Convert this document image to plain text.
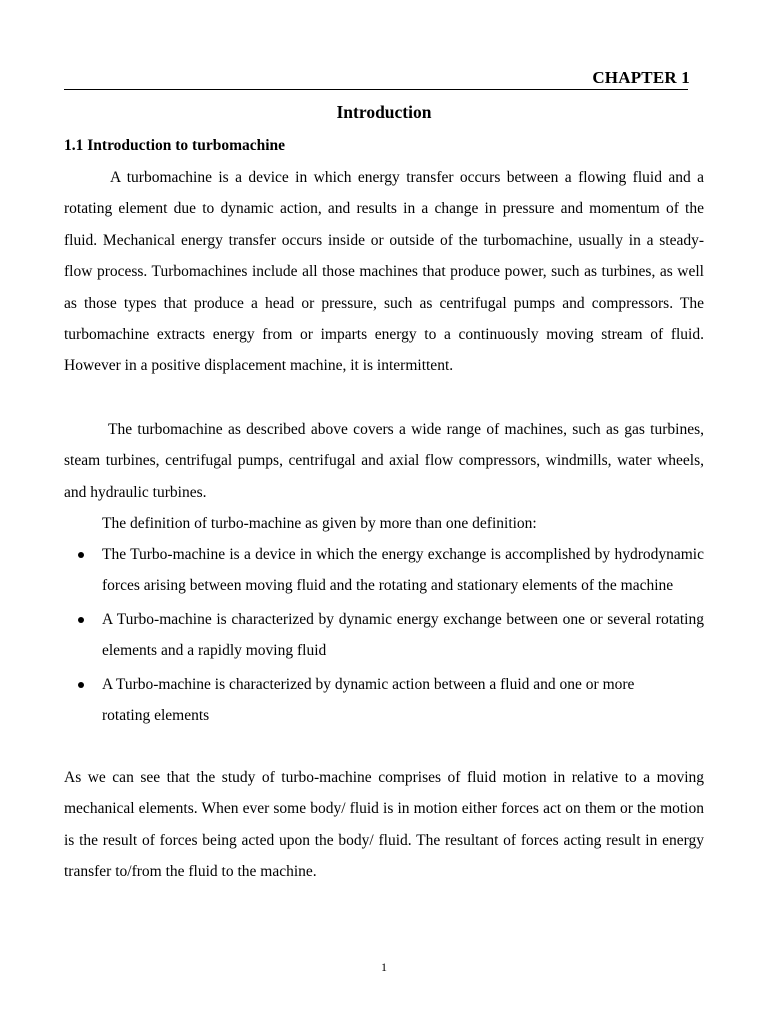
CHAPTER 1
Introduction
1.1 Introduction to turbomachine

A turbomachine is a device in which energy transfer occurs between a flowing fluid and a rotating element due to dynamic action, and results in a change in pressure and momentum of the fluid. Mechanical energy transfer occurs inside or outside of the turbomachine, usually in a steady-flow process. Turbomachines include all those machines that produce power, such as turbines, as well as those types that produce a head or pressure, such as centrifugal pumps and compressors. The turbomachine extracts energy from or imparts energy to a continuously moving stream of fluid. However in a positive displacement machine, it is intermittent.

The turbomachine as described above covers a wide range of machines, such as gas turbines, steam turbines, centrifugal pumps, centrifugal and axial flow compressors, windmills, water wheels, and hydraulic turbines.

The definition of turbo-machine as given by more than one definition:

The Turbo-machine is a device in which the energy exchange is accomplished by hydrodynamic forces arising between moving fluid and the rotating and stationary elements of the machine
A Turbo-machine is characterized by dynamic energy exchange between one or several rotating elements and a rapidly moving fluid
A Turbo-machine is characterized by dynamic action between a fluid and one or more rotating elements

As we can see that the study of turbo-machine comprises of fluid motion in relative to a moving mechanical elements. When ever some body/ fluid is in motion either forces act on them or the motion is the result of forces being acted upon the body/ fluid. The resultant of forces acting result in energy transfer to/from the fluid to the machine.

1
